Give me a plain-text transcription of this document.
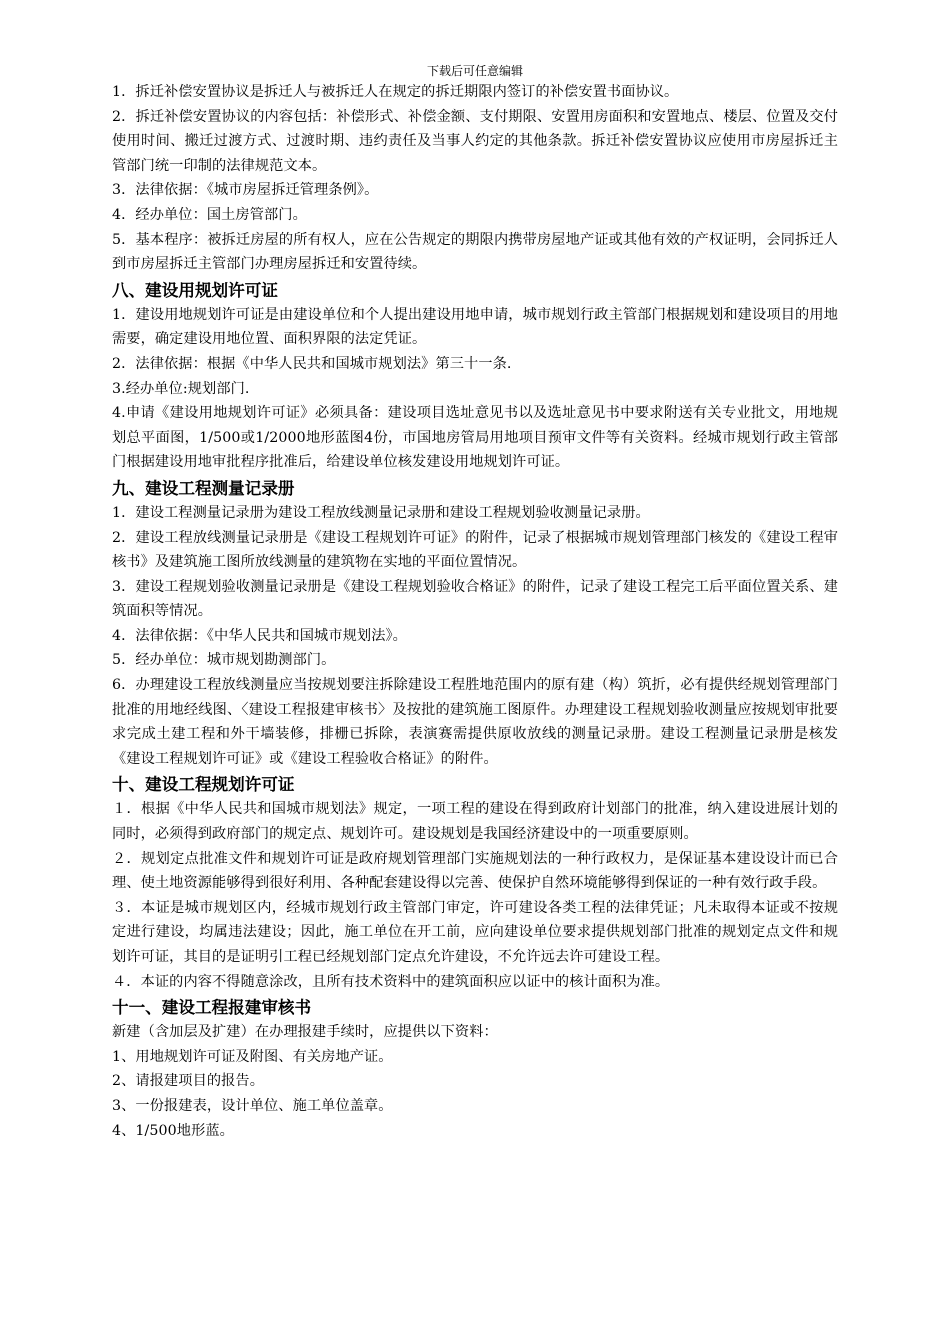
下载后可任意编辑

1．拆迁补偿安置协议是拆迁人与被拆迁人在规定的拆迁期限内签订的补偿安置书面协议。

2．拆迁补偿安置协议的内容包括：补偿形式、补偿金额、支付期限、安置用房面积和安置地点、楼层、位置及交付使用时间、搬迁过渡方式、过渡时期、违约责任及当事人约定的其他条款。拆迁补偿安置协议应使用市房屋拆迁主管部门统一印制的法律规范文本。

3．法律依据：《城市房屋拆迁管理条例》。

4．经办单位：国土房管部门。

5．基本程序：被拆迁房屋的所有权人，应在公告规定的期限内携带房屋地产证或其他有效的产权证明，会同拆迁人到市房屋拆迁主管部门办理房屋拆迁和安置待续。

八、建设用规划许可证

1．建设用地规划许可证是由建设单位和个人提出建设用地申请，城市规划行政主管部门根据规划和建设项目的用地需要，确定建设用地位置、面积界限的法定凭证。

2．法律依据：根据《中华人民共和国城市规划法》第三十一条.

3.经办单位:规划部门.

4.申请《建设用地规划许可证》必须具备：建设项目选址意见书以及选址意见书中要求附送有关专业批文，用地规划总平面图，1/500或1/2000地形蓝图4份，市国地房管局用地项目预审文件等有关资料。经城市规划行政主管部门根据建设用地审批程序批准后，给建设单位核发建设用地规划许可证。

九、建设工程测量记录册

1．建设工程测量记录册为建设工程放线测量记录册和建设工程规划验收测量记录册。

2．建设工程放线测量记录册是《建设工程规划许可证》的附件，记录了根据城市规划管理部门核发的《建设工程审核书》及建筑施工图所放线测量的建筑物在实地的平面位置情况。

3．建设工程规划验收测量记录册是《建设工程规划验收合格证》的附件，记录了建设工程完工后平面位置关系、建筑面积等情况。

4．法律依据：《中华人民共和国城市规划法》。

5．经办单位：城市规划勘测部门。

6．办理建设工程放线测量应当按规划要注拆除建设工程胜地范围内的原有建（构）筑折，必有提供经规划管理部门批准的用地经线图、〈建设工程报建审核书〉及按批的建筑施工图原件。办理建设工程规划验收测量应按规划审批要求完成土建工程和外干墙装修，排栅已拆除，表演赛需提供原收放线的测量记录册。建设工程测量记录册是核发《建设工程规划许可证》或《建设工程验收合格证》的附件。

十、建设工程规划许可证

１．根据《中华人民共和国城市规划法》规定，一项工程的建设在得到政府计划部门的批准，纳入建设进展计划的同时，必须得到政府部门的规定点、规划许可。建设规划是我国经济建设中的一项重要原则。

２．规划定点批准文件和规划许可证是政府规划管理部门实施规划法的一种行政权力，是保证基本建设设计而已合理、使土地资源能够得到很好利用、各种配套建设得以完善、使保护自然环境能够得到保证的一种有效行政手段。

３．本证是城市规划区内，经城市规划行政主管部门审定，许可建设各类工程的法律凭证；凡未取得本证或不按规定进行建设，均属违法建设；因此，施工单位在开工前，应向建设单位要求提供规划部门批准的规划定点文件和规划许可证，其目的是证明引工程已经规划部门定点允许建设，不允许远去许可建设工程。

４．本证的内容不得随意涂改，且所有技术资料中的建筑面积应以证中的核计面积为准。

十一、建设工程报建审核书

新建（含加层及扩建）在办理报建手续时，应提供以下资料：

1、用地规划许可证及附图、有关房地产证。

2、请报建项目的报告。

3、一份报建表，设计单位、施工单位盖章。

4、1/500地形蓝。
